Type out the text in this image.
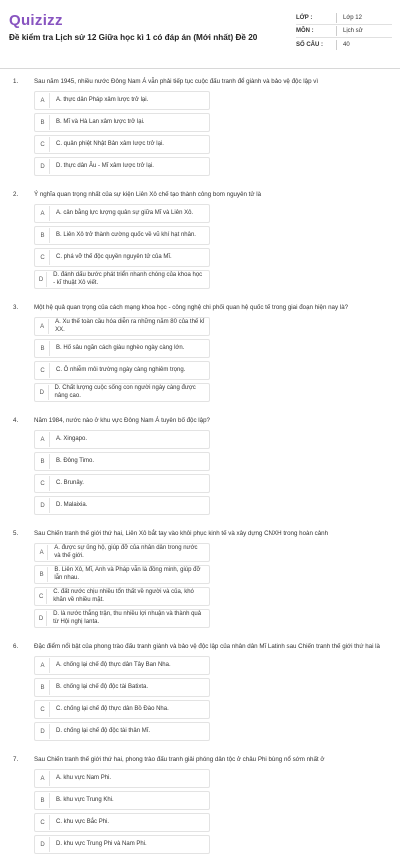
Quizizz
Đề kiểm tra Lịch sử 12 Giữa học kì 1 có đáp án (Mới nhất) Đề 20
LỚP :	Lớp 12
MÔN :	Lịch sử
SỐ CÂU :	40
1.	Sau năm 1945, nhiều nước Đông Nam Á vẫn phải tiếp tục cuộc đấu tranh để giành và bảo vệ độc lập vì
A	A. thực dân Pháp xâm lược trở lại.
B	B. Mĩ và Hà Lan xâm lược trở lại.
C	C. quân phiệt Nhật Bản xâm lược trở lại.
D	D. thực dân Âu - Mĩ xâm lược trở lại.
2.	Ý nghĩa quan trọng nhất của sự kiện Liên Xô chế tạo thành công bom nguyên tử là
A	A. cân bằng lực lượng quân sự giữa Mĩ và Liên Xô.
B	B. Liên Xô trở thành cường quốc về vũ khí hạt nhân.
C	C. phá vỡ thế độc quyền nguyên tử của Mĩ.
D
D. đánh dấu bước phát triển nhanh chóng của khoa học - kĩ thuật Xô viết.
3.	Một hệ quả quan trọng của cách mạng khoa học - công nghệ chi phối quan hệ quốc tế trong giai đoạn hiện nay là?
A
A. Xu thế toàn cầu hóa diễn ra những năm 80 của thế kỉ XX.
B	B. Hố sâu ngăn cách giàu nghèo ngày càng lớn.
C	C. Ô nhiễm môi trường ngày càng nghiêm trọng.
D
D. Chất lượng cuộc sống con người ngày càng được nâng cao.
4.	Năm 1984, nước nào ở khu vực Đông Nam Á tuyên bố độc lập?
A	A. Xingapo.
B	B. Đông Timo.
C	C. Brunây.
D	D. Malaixia.
5.	Sau Chiến tranh thế giới thứ hai, Liên Xô bắt tay vào khôi phục kinh tế và xây dựng CNXH trong hoàn cảnh
A
A. được sự ủng hộ, giúp đỡ của nhân dân trong nước và thế giới.
B
B. Liên Xô, Mĩ, Anh và Pháp vẫn là đồng minh, giúp đỡ lẫn nhau.
C
C. đất nước chịu nhiều tổn thất về người và của, khó khăn về nhiều mặt.
D
D. là nước thắng trận, thu nhiều lợi nhuận và thành quả từ Hội nghị Ianta.
6.	Đặc điểm nổi bật của phong trào đấu tranh giành và bảo vệ độc lập của nhân dân Mĩ Latinh sau Chiến tranh thế giới thứ hai là
A	A. chống lại chế độ thực dân Tây Ban Nha.
B	B. chống lại chế độ độc tài Batixta.
C	C. chống lại chế độ thực dân Bồ Đào Nha.
D	D. chống lại chế độ độc tài thân Mĩ.
7.	Sau Chiến tranh thế giới thứ hai, phong trào đấu tranh giải phóng dân tộc ở châu Phi bùng nổ sớm nhất ở
A	A. khu vực Nam Phi.
B	B. khu vực Trung Khi.
C	C. khu vực Bắc Phi.
D	D. khu vực Trung Phi và Nam Phi.
